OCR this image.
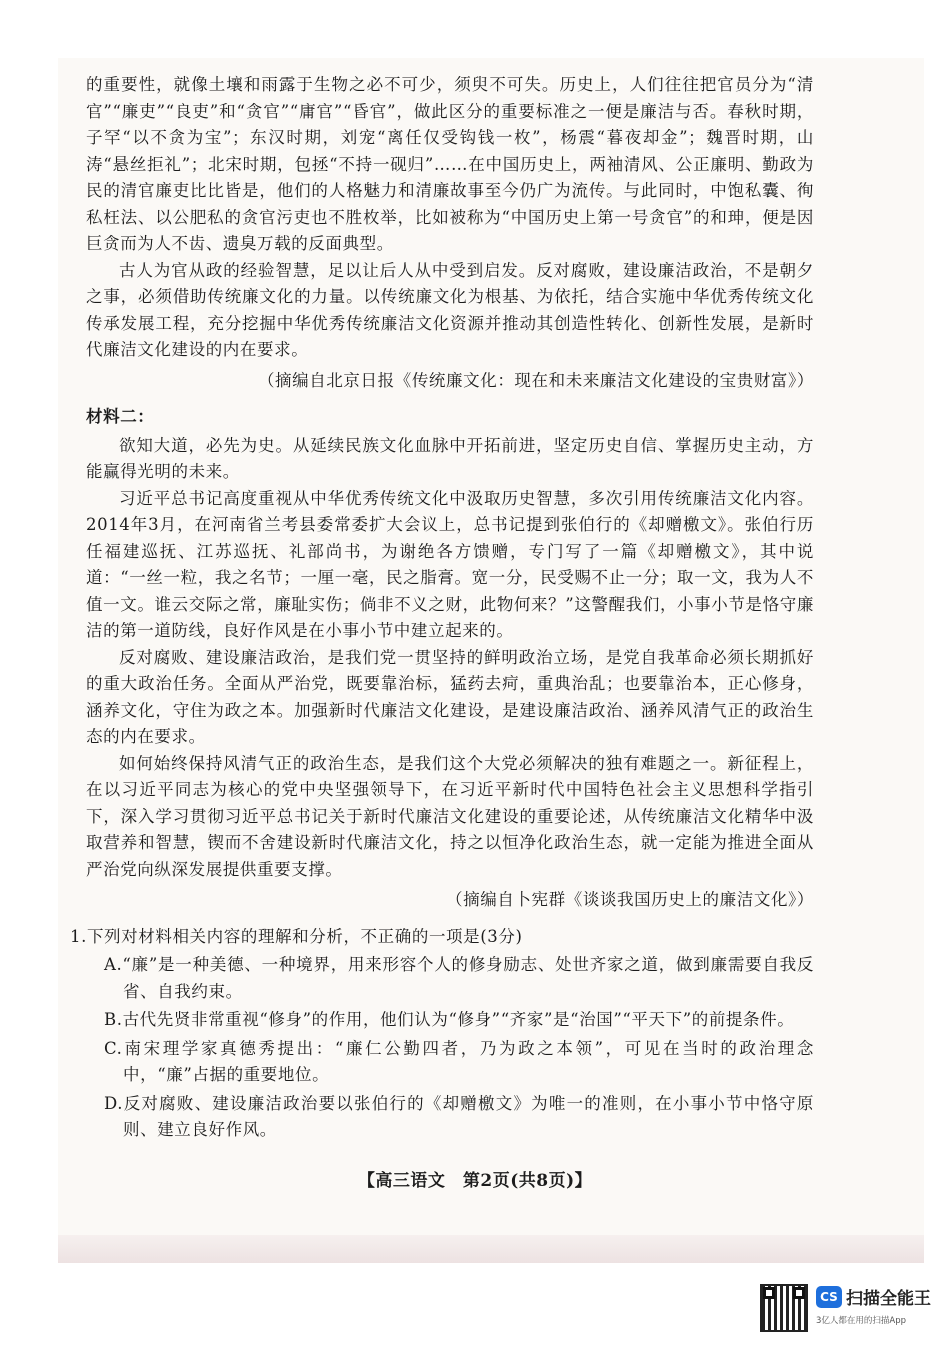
的重要性，就像土壤和雨露于生物之必不可少，须臾不可失。历史上，人们往往把官员分为“清官”“廉吏”“良吏”和“贪官”“庸官”“昏官”，做此区分的重要标准之一便是廉洁与否。春秋时期，子罕“以不贪为宝”；东汉时期，刘宠“离任仅受钩钱一枚”，杨震“暮夜却金”；魏晋时期，山涛“悬丝拒礼”；北宋时期，包拯“不持一砚归”……在中国历史上，两袖清风、公正廉明、勤政为民的清官廉吏比比皆是，他们的人格魅力和清廉故事至今仍广为流传。与此同时，中饱私囊、徇私枉法、以公肥私的贪官污吏也不胜枚举，比如被称为“中国历史上第一号贪官”的和珅，便是因巨贪而为人不齿、遗臭万载的反面典型。

古人为官从政的经验智慧，足以让后人从中受到启发。反对腐败，建设廉洁政治，不是朝夕之事，必须借助传统廉文化的力量。以传统廉文化为根基、为依托，结合实施中华优秀传统文化传承发展工程，充分挖掘中华优秀传统廉洁文化资源并推动其创造性转化、创新性发展，是新时代廉洁文化建设的内在要求。

（摘编自北京日报《传统廉文化：现在和未来廉洁文化建设的宝贵财富》）

材料二：

欲知大道，必先为史。从延续民族文化血脉中开拓前进，坚定历史自信、掌握历史主动，方能赢得光明的未来。

习近平总书记高度重视从中华优秀传统文化中汲取历史智慧，多次引用传统廉洁文化内容。2014年3月，在河南省兰考县委常委扩大会议上，总书记提到张伯行的《却赠檄文》。张伯行历任福建巡抚、江苏巡抚、礼部尚书，为谢绝各方馈赠，专门写了一篇《却赠檄文》，其中说道：“一丝一粒，我之名节；一厘一毫，民之脂膏。宽一分，民受赐不止一分；取一文，我为人不值一文。谁云交际之常，廉耻实伤；倘非不义之财，此物何来？”这警醒我们，小事小节是恪守廉洁的第一道防线，良好作风是在小事小节中建立起来的。

反对腐败、建设廉洁政治，是我们党一贯坚持的鲜明政治立场，是党自我革命必须长期抓好的重大政治任务。全面从严治党，既要靠治标，猛药去疴，重典治乱；也要靠治本，正心修身，涵养文化，守住为政之本。加强新时代廉洁文化建设，是建设廉洁政治、涵养风清气正的政治生态的内在要求。

如何始终保持风清气正的政治生态，是我们这个大党必须解决的独有难题之一。新征程上，在以习近平同志为核心的党中央坚强领导下，在习近平新时代中国特色社会主义思想科学指引下，深入学习贯彻习近平总书记关于新时代廉洁文化建设的重要论述，从传统廉洁文化精华中汲取营养和智慧，锲而不舍建设新时代廉洁文化，持之以恒净化政治生态，就一定能为推进全面从严治党向纵深发展提供重要支撑。

（摘编自卜宪群《谈谈我国历史上的廉洁文化》）

1.下列对材料相关内容的理解和分析，不正确的一项是(3分)

A.“廉”是一种美德、一种境界，用来形容个人的修身励志、处世齐家之道，做到廉需要自我反省、自我约束。

B.古代先贤非常重视“修身”的作用，他们认为“修身”“齐家”是“治国”“平天下”的前提条件。

C.南宋理学家真德秀提出：“廉仁公勤四者，乃为政之本领”，可见在当时的政治理念中，“廉”占据的重要地位。

D.反对腐败、建设廉洁政治要以张伯行的《却赠檄文》为唯一的准则，在小事小节中恪守原则、建立良好作风。

【高三语文　第2页(共8页)】
CS 扫描全能王
3亿人都在用的扫描App
